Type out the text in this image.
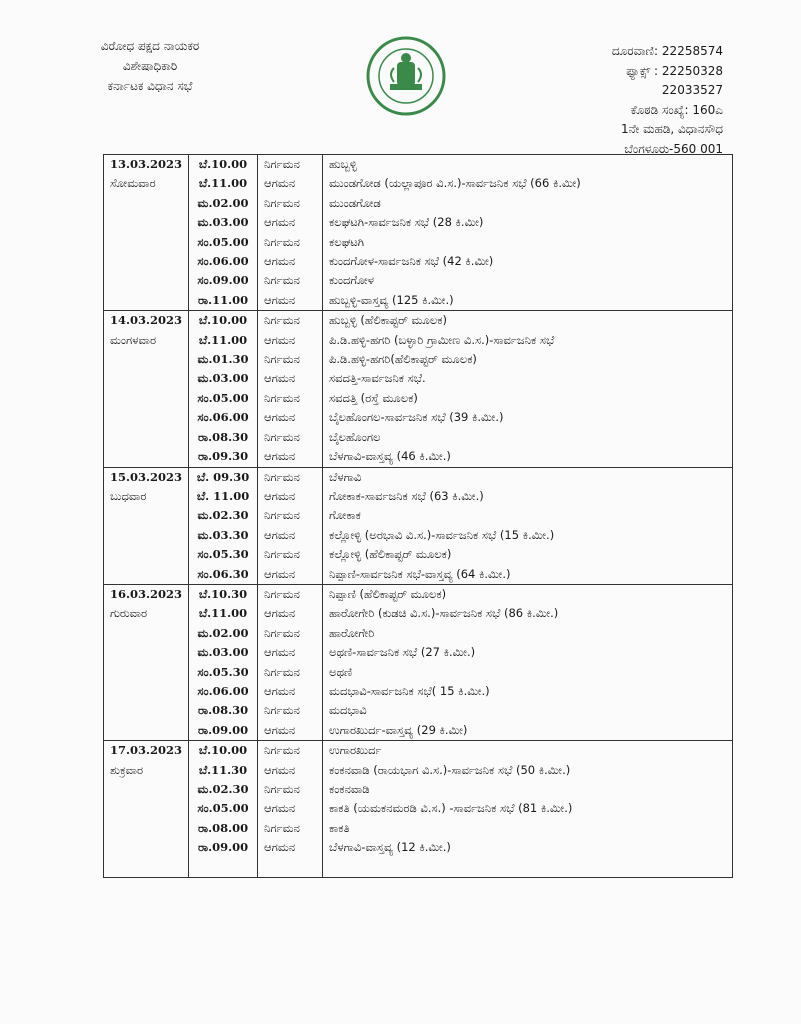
ವಿರೋಧ ಪಕ್ಷದ ನಾಯಕರ
ವಿಶೇಷಾಧಿಕಾರಿ
ಕರ್ನಾಟಕ ವಿಧಾನ ಸಭೆ
ದೂರವಾಣಿ: 22258574
ಫ್ಯಾಕ್ಸ್ : 22250328
22033527
ಕೊಠಡಿ ಸಂಖ್ಯೆ: 160ಎ
1ನೇ ಮಹಡಿ, ವಿಧಾನಸೌಧ
ಬೆಂಗಳೂರು-560 001
13.03.2023	ಬೆ.10.00	ನಿರ್ಗಮನ	ಹುಬ್ಬಳ್ಳಿ
ಸೋಮವಾರ	ಬೆ.11.00	ಆಗಮನ	ಮುಂಡಗೋಡ (ಯಲ್ಲಾಪೂರ ವಿ.ಸ.)-ಸಾರ್ವಜನಿಕ ಸಭೆ (66 ಕಿ.ಮೀ)
	ಮ.02.00	ನಿರ್ಗಮನ	ಮುಂಡಗೋಡ
	ಮ.03.00	ಆಗಮನ	ಕಲಘಟಗಿ-ಸಾರ್ವಜನಿಕ ಸಭೆ (28 ಕಿ.ಮೀ)
	ಸಂ.05.00	ನಿರ್ಗಮನ	ಕಲಘಟಗಿ
	ಸಂ.06.00	ಆಗಮನ	ಕುಂದಗೋಳ-ಸಾರ್ವಜನಿಕ ಸಭೆ (42 ಕಿ.ಮೀ)
	ಸಂ.09.00	ನಿರ್ಗಮನ	ಕುಂದಗೋಳ
	ರಾ.11.00	ಆಗಮನ	ಹುಬ್ಬಳ್ಳಿ-ವಾಸ್ತವ್ಯ (125 ಕಿ.ಮೀ.)
14.03.2023	ಬೆ.10.00	ನಿರ್ಗಮನ	ಹುಬ್ಬಳ್ಳಿ (ಹೆಲಿಕಾಪ್ಟರ್ ಮೂಲಕ)
ಮಂಗಳವಾರ	ಬೆ.11.00	ಆಗಮನ	ಪಿ.ಡಿ.ಹಳ್ಳಿ-ಹಗರಿ (ಬಳ್ಳಾರಿ ಗ್ರಾಮೀಣ ವಿ.ಸ.)-ಸಾರ್ವಜನಿಕ ಸಭೆ
	ಮ.01.30	ನಿರ್ಗಮನ	ಪಿ.ಡಿ.ಹಳ್ಳಿ-ಹಗರಿ(ಹೆಲಿಕಾಪ್ಟರ್ ಮೂಲಕ)
	ಮ.03.00	ಆಗಮನ	ಸವದತ್ತಿ-ಸಾರ್ವಜನಿಕ ಸಭೆ.
	ಸಂ.05.00	ನಿರ್ಗಮನ	ಸವದತ್ತಿ (ರಸ್ತೆ ಮೂಲಕ)
	ಸಂ.06.00	ಆಗಮನ	ಬೈಲಹೊಂಗಲ-ಸಾರ್ವಜನಿಕ ಸಭೆ (39 ಕಿ.ಮೀ.)
	ರಾ.08.30	ನಿರ್ಗಮನ	ಬೈಲಹೊಂಗಲ
	ರಾ.09.30	ಆಗಮನ	ಬೆಳಗಾವಿ-ವಾಸ್ತವ್ಯ (46 ಕಿ.ಮೀ.)
15.03.2023	ಬೆ. 09.30	ನಿರ್ಗಮನ	ಬೆಳಗಾವಿ
ಬುಧವಾರ	ಬೆ. 11.00	ಆಗಮನ	ಗೋಕಾಕ-ಸಾರ್ವಜನಿಕ ಸಭೆ (63 ಕಿ.ಮೀ.)
	ಮ.02.30	ನಿರ್ಗಮನ	ಗೋಕಾಕ
	ಮ.03.30	ಆಗಮನ	ಕಲ್ಲೋಳ್ಳಿ (ಅರಭಾವಿ ವಿ.ಸ.)-ಸಾರ್ವಜನಿಕ ಸಭೆ (15 ಕಿ.ಮೀ.)
	ಸಂ.05.30	ನಿರ್ಗಮನ	ಕಲ್ಲೋಳ್ಳಿ (ಹೆಲಿಕಾಪ್ಟರ್ ಮೂಲಕ)
	ಸಂ.06.30	ಆಗಮನ	ನಿಪ್ಪಾಣಿ-ಸಾರ್ವಜನಿಕ ಸಭೆ-ವಾಸ್ತವ್ಯ (64 ಕಿ.ಮೀ.)
16.03.2023	ಬೆ.10.30	ನಿರ್ಗಮನ	ನಿಪ್ಪಾಣಿ (ಹೆಲಿಕಾಪ್ಟರ್ ಮೂಲಕ)
ಗುರುವಾರ	ಬೆ.11.00	ಆಗಮನ	ಹಾರೋಗೇರಿ (ಕುಡಚಿ ವಿ.ಸ.)-ಸಾರ್ವಜನಿಕ ಸಭೆ (86 ಕಿ.ಮೀ.)
	ಮ.02.00	ನಿರ್ಗಮನ	ಹಾರೋಗೇರಿ
	ಮ.03.00	ಆಗಮನ	ಅಥಣಿ-ಸಾರ್ವಜನಿಕ ಸಭೆ (27 ಕಿ.ಮೀ.)
	ಸಂ.05.30	ನಿರ್ಗಮನ	ಅಥಣಿ
	ಸಂ.06.00	ಆಗಮನ	ಮದಭಾವಿ-ಸಾರ್ವಜನಿಕ ಸಭೆ( 15 ಕಿ.ಮೀ.)
	ರಾ.08.30	ನಿರ್ಗಮನ	ಮದಭಾವಿ
	ರಾ.09.00	ಆಗಮನ	ಉಗಾರಖುರ್ದ-ವಾಸ್ತವ್ಯ (29 ಕಿ.ಮೀ)
17.03.2023	ಬೆ.10.00	ನಿರ್ಗಮನ	ಉಗಾರಖುರ್ದ
ಶುಕ್ರವಾರ	ಬೆ.11.30	ಆಗಮನ	ಕಂಕನವಾಡಿ (ರಾಯಭಾಗ ವಿ.ಸ.)-ಸಾರ್ವಜನಿಕ ಸಭೆ (50 ಕಿ.ಮೀ.)
	ಮ.02.30	ನಿರ್ಗಮನ	ಕಂಕನವಾಡಿ
	ಸಂ.05.00	ಆಗಮನ	ಕಾಕತಿ (ಯಮಕನಮರಡಿ ವಿ.ಸ.) -ಸಾರ್ವಜನಿಕ ಸಭೆ (81 ಕಿ.ಮೀ.)
	ರಾ.08.00	ನಿರ್ಗಮನ	ಕಾಕತಿ
	ರಾ.09.00	ಆಗಮನ	ಬೆಳಗಾವಿ-ವಾಸ್ತವ್ಯ (12 ಕಿ.ಮೀ.)
